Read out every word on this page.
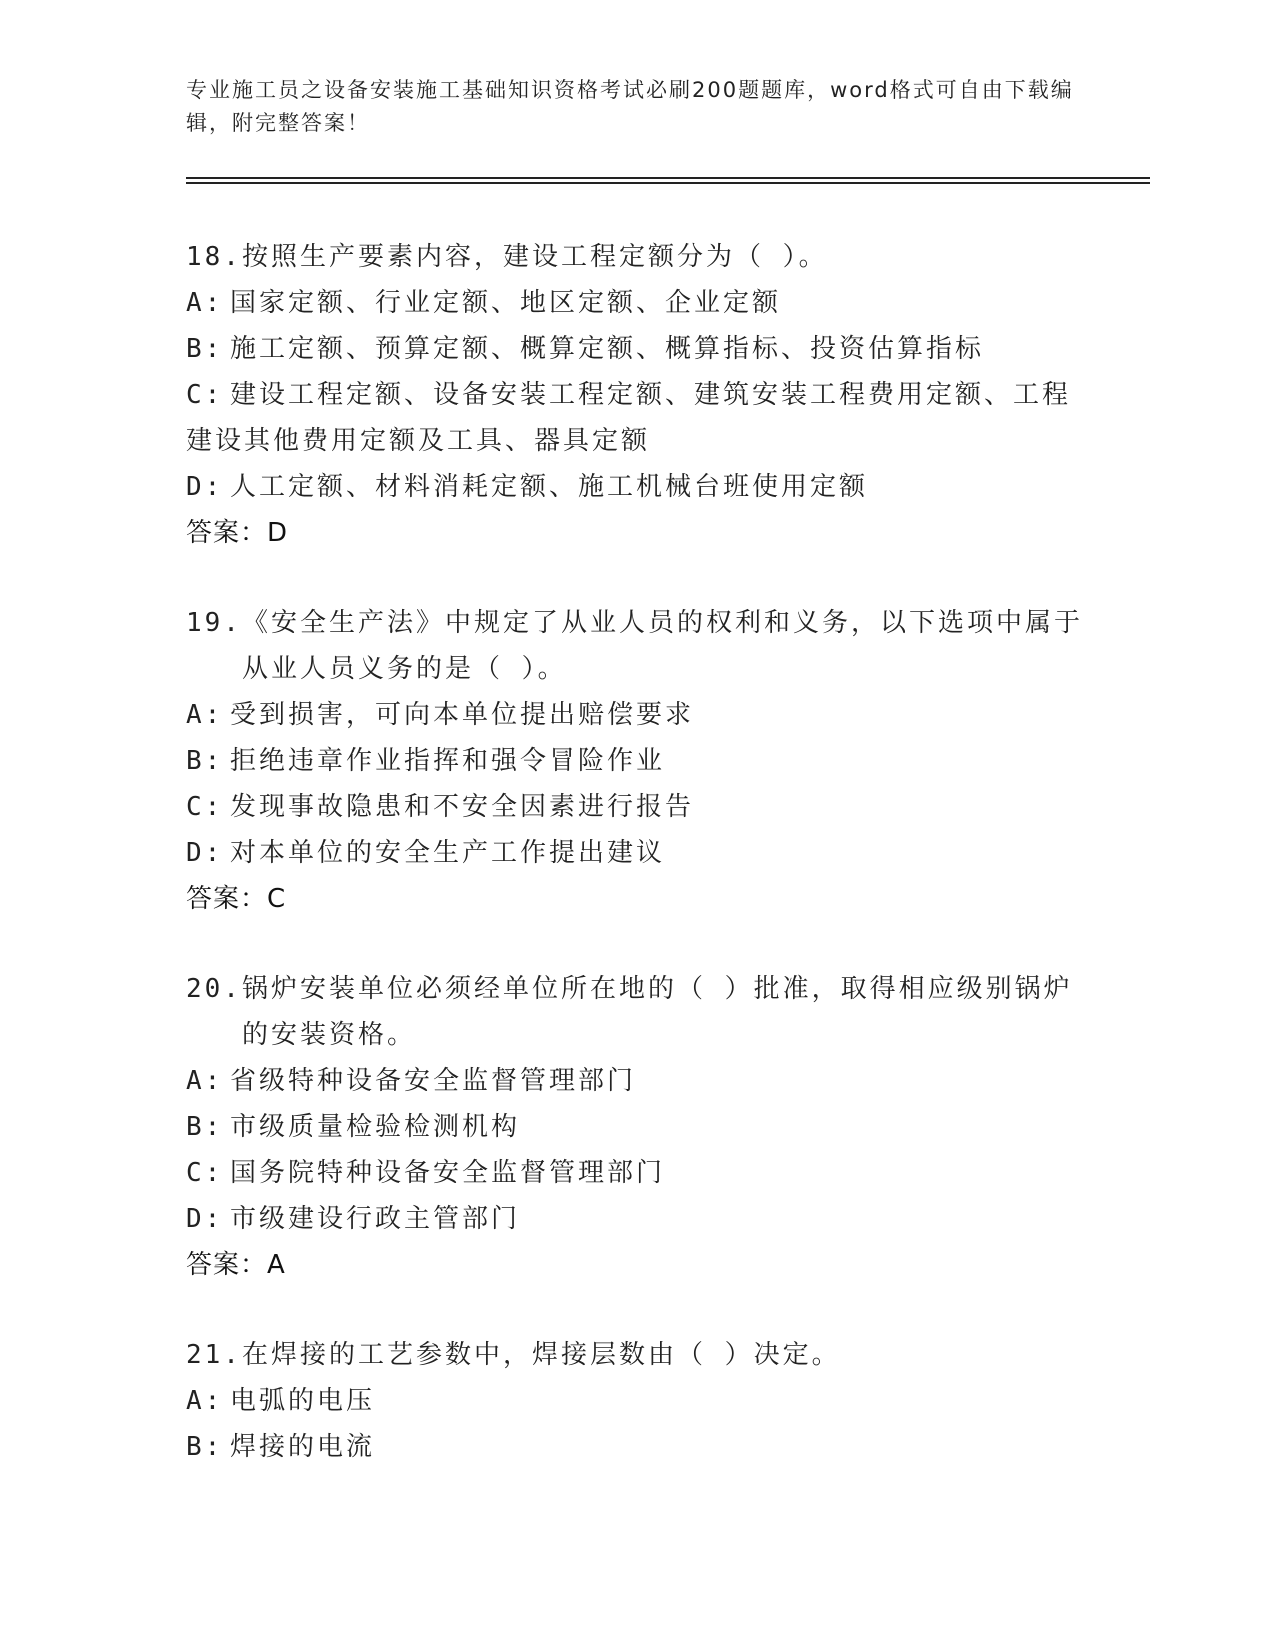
专业施工员之设备安装施工基础知识资格考试必刷200题题库，word格式可自由下载编辑，附完整答案！
18. 按照生产要素内容，建设工程定额分为（ ）。
A: 国家定额、行业定额、地区定额、企业定额
B: 施工定额、预算定额、概算定额、概算指标、投资估算指标
C: 建设工程定额、设备安装工程定额、建筑安装工程费用定额、工程建设其他费用定额及工具、器具定额
D: 人工定额、材料消耗定额、施工机械台班使用定额
答案：D
19. 《安全生产法》中规定了从业人员的权利和义务，以下选项中属于从业人员义务的是（ ）。
A: 受到损害，可向本单位提出赔偿要求
B: 拒绝违章作业指挥和强令冒险作业
C: 发现事故隐患和不安全因素进行报告
D: 对本单位的安全生产工作提出建议
答案：C
20. 锅炉安装单位必须经单位所在地的（ ）批准，取得相应级别锅炉的安装资格。
A: 省级特种设备安全监督管理部门
B: 市级质量检验检测机构
C: 国务院特种设备安全监督管理部门
D: 市级建设行政主管部门
答案：A
21. 在焊接的工艺参数中，焊接层数由（ ）决定。
A: 电弧的电压
B: 焊接的电流
